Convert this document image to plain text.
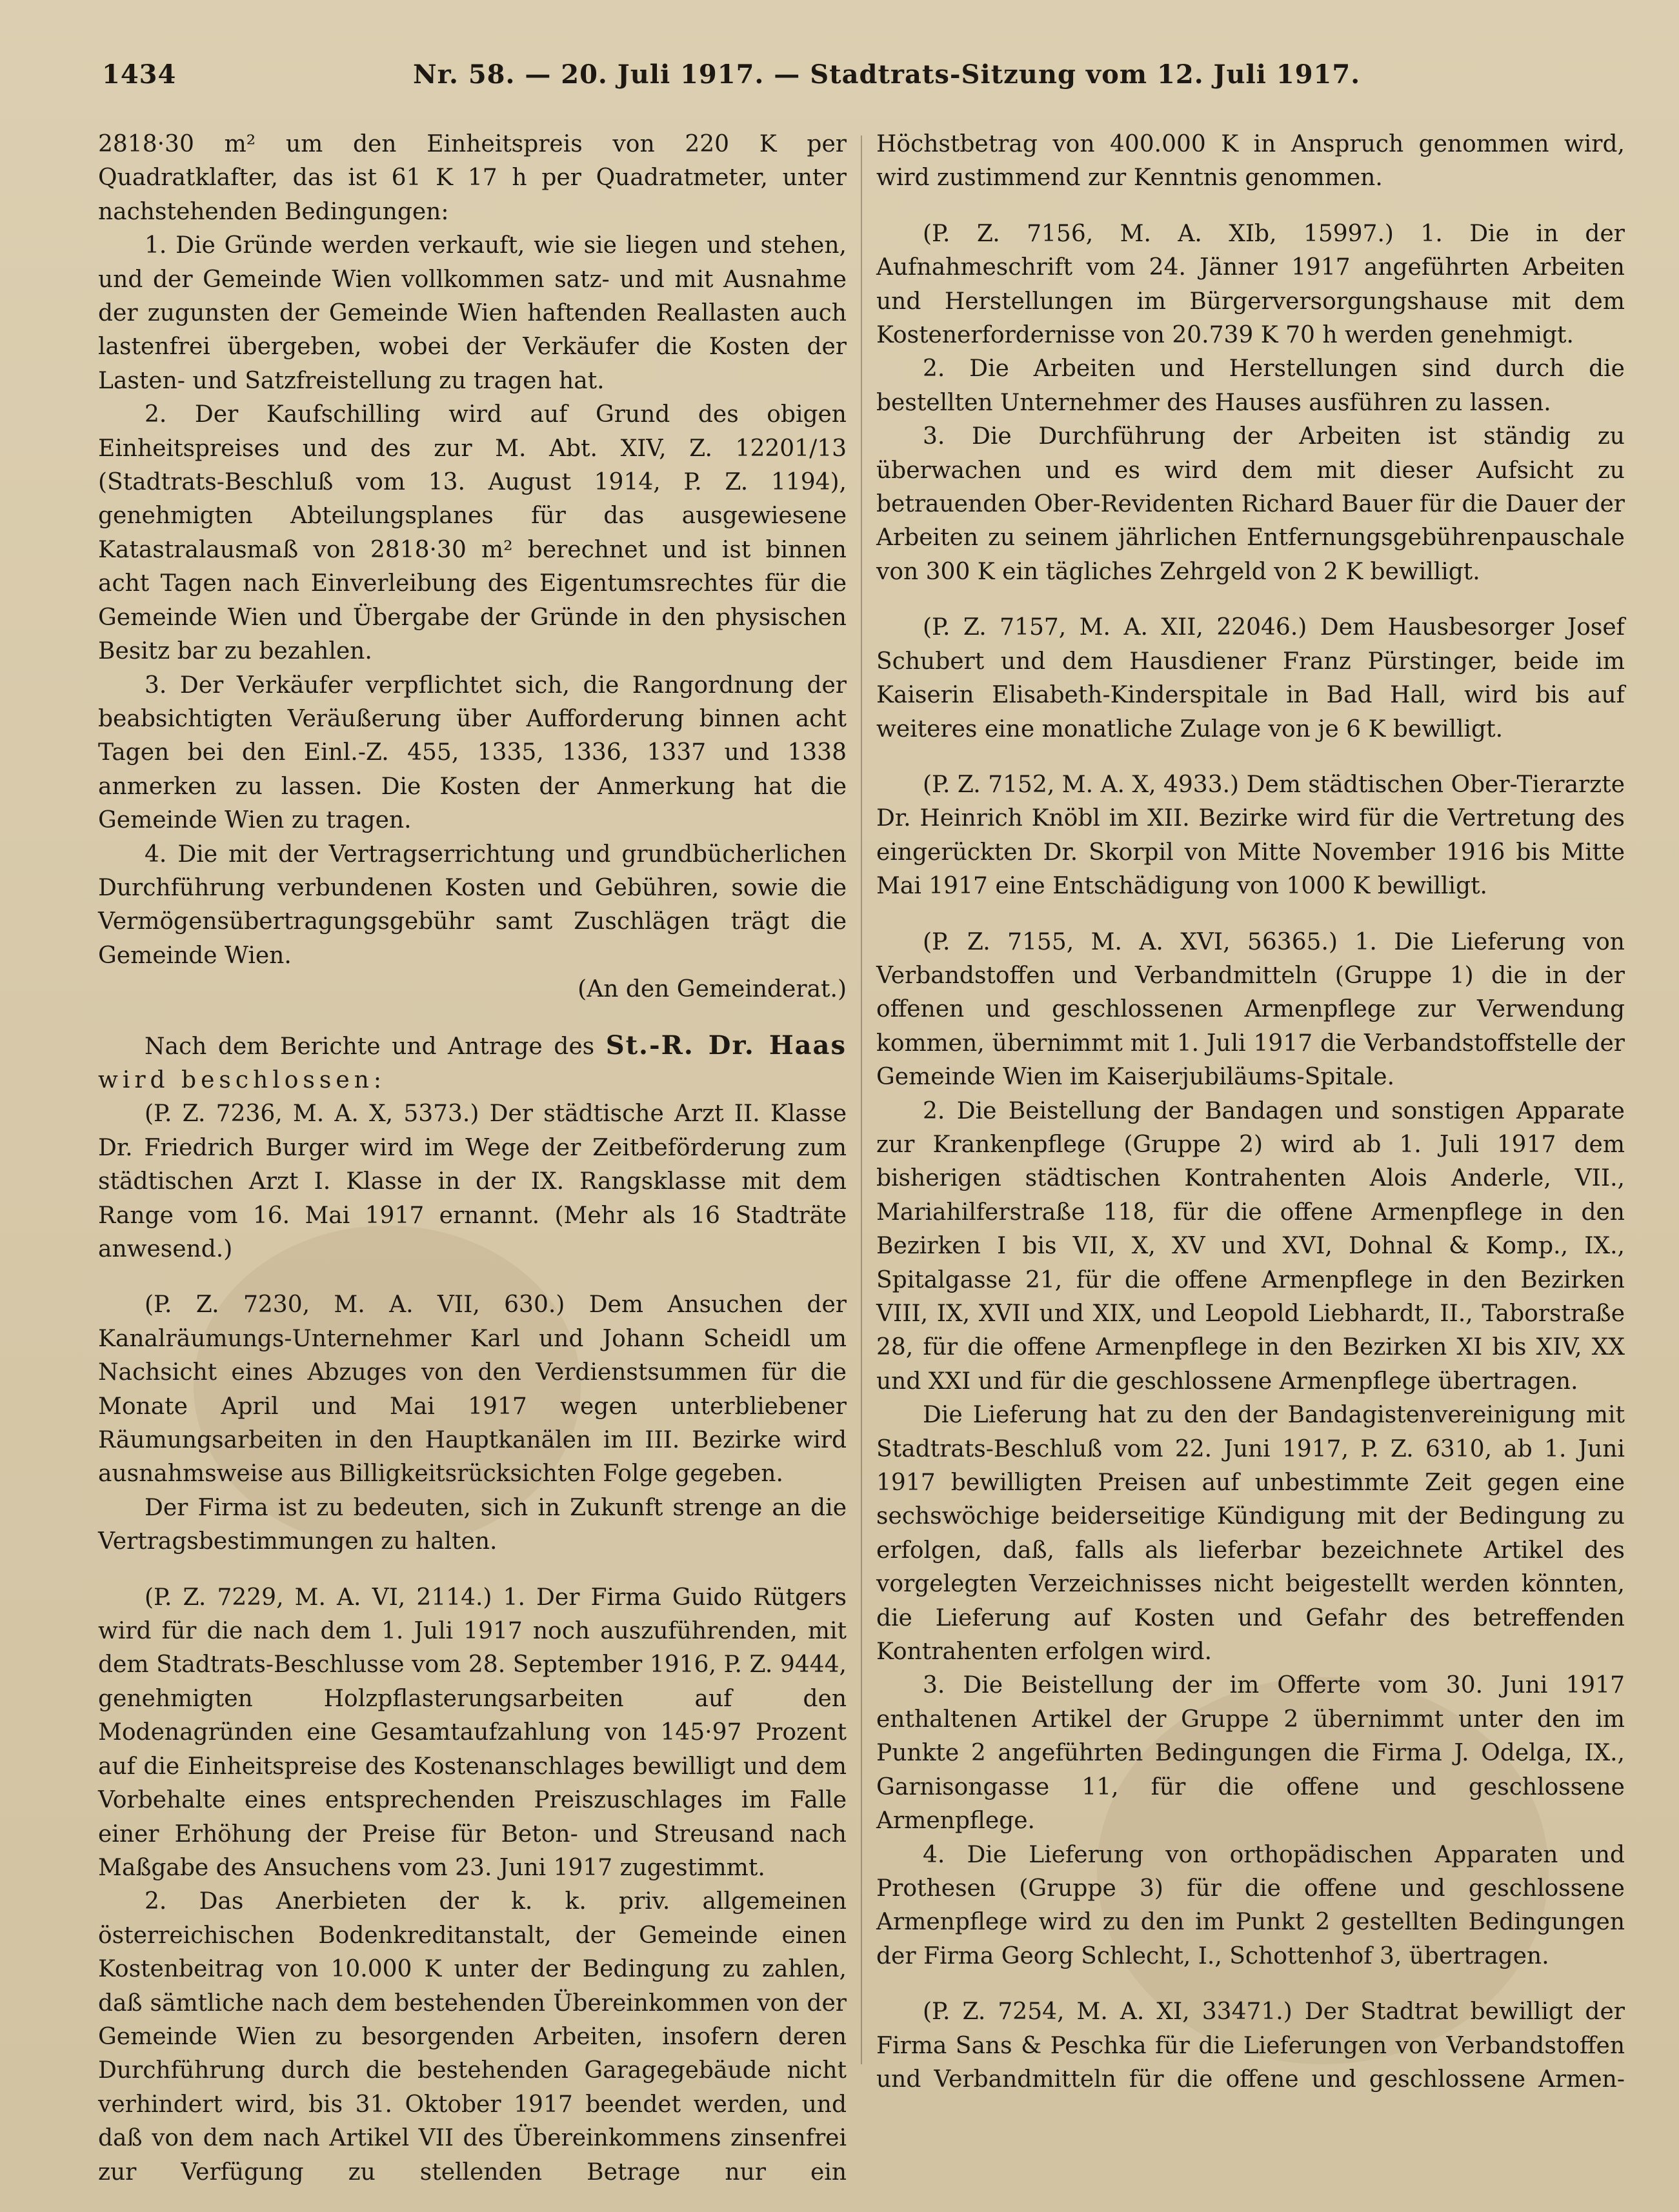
1434	Nr. 58. — 20. Juli 1917. — Stadtrats-Sitzung vom 12. Juli 1917.

2818·30 m² um den Einheitspreis von 220 K per Quadratklafter, das ist 61 K 17 h per Quadratmeter, unter nachstehenden Bedingungen:

1. Die Gründe werden verkauft, wie sie liegen und stehen, und der Gemeinde Wien vollkommen satz- und mit Ausnahme der zugunsten der Gemeinde Wien haftenden Reallasten auch lastenfrei übergeben, wobei der Verkäufer die Kosten der Lasten- und Satzfreistellung zu tragen hat.

2. Der Kaufschilling wird auf Grund des obigen Einheitspreises und des zur M. Abt. XIV, Z. 12201/13 (Stadtrats-Beschluß vom 13. August 1914, P. Z. 1194), genehmigten Abteilungsplanes für das ausgewiesene Katastralausmaß von 2818·30 m² berechnet und ist binnen acht Tagen nach Einverleibung des Eigentumsrechtes für die Gemeinde Wien und Übergabe der Gründe in den physischen Besitz bar zu bezahlen.

3. Der Verkäufer verpflichtet sich, die Rangordnung der beabsichtigten Veräußerung über Aufforderung binnen acht Tagen bei den Einl.-Z. 455, 1335, 1336, 1337 und 1338 anmerken zu lassen. Die Kosten der Anmerkung hat die Gemeinde Wien zu tragen.

4. Die mit der Vertragserrichtung und grundbücherlichen Durchführung verbundenen Kosten und Gebühren, sowie die Vermögensübertragungsgebühr samt Zuschlägen trägt die Gemeinde Wien.

(An den Gemeinderat.)

Nach dem Berichte und Antrage des St.-R. Dr. Haas wird beschlossen:

(P. Z. 7236, M. A. X, 5373.) Der städtische Arzt II. Klasse Dr. Friedrich Burger wird im Wege der Zeitbeförderung zum städtischen Arzt I. Klasse in der IX. Rangsklasse mit dem Range vom 16. Mai 1917 ernannt. (Mehr als 16 Stadträte anwesend.)

(P. Z. 7230, M. A. VII, 630.) Dem Ansuchen der Kanalräumungs-Unternehmer Karl und Johann Scheidl um Nachsicht eines Abzuges von den Verdienstsummen für die Monate April und Mai 1917 wegen unterbliebener Räumungsarbeiten in den Hauptkanälen im III. Bezirke wird ausnahmsweise aus Billigkeitsrücksichten Folge gegeben.

Der Firma ist zu bedeuten, sich in Zukunft strenge an die Vertragsbestimmungen zu halten.

(P. Z. 7229, M. A. VI, 2114.) 1. Der Firma Guido Rütgers wird für die nach dem 1. Juli 1917 noch auszuführenden, mit dem Stadtrats-Beschlusse vom 28. September 1916, P. Z. 9444, genehmigten Holzpflasterungsarbeiten auf den Modenagründen eine Gesamtaufzahlung von 145·97 Prozent auf die Einheitspreise des Kostenanschlages bewilligt und dem Vorbehalte eines entsprechenden Preiszuschlages im Falle einer Erhöhung der Preise für Beton- und Streusand nach Maßgabe des Ansuchens vom 23. Juni 1917 zugestimmt.

2. Das Anerbieten der k. k. priv. allgemeinen österreichischen Bodenkreditanstalt, der Gemeinde einen Kostenbeitrag von 10.000 K unter der Bedingung zu zahlen, daß sämtliche nach dem bestehenden Übereinkommen von der Gemeinde Wien zu besorgenden Arbeiten, insofern deren Durchführung durch die bestehenden Garagegebäude nicht verhindert wird, bis 31. Oktober 1917 beendet werden, und daß von dem nach Artikel VII des Übereinkommens zinsenfrei zur Verfügung zu stellenden Betrage nur ein

Höchstbetrag von 400.000 K in Anspruch genommen wird, wird zustimmend zur Kenntnis genommen.

(P. Z. 7156, M. A. XIb, 15997.) 1. Die in der Aufnahmeschrift vom 24. Jänner 1917 angeführten Arbeiten und Herstellungen im Bürgerversorgungshause mit dem Kostenerfordernisse von 20.739 K 70 h werden genehmigt.

2. Die Arbeiten und Herstellungen sind durch die bestellten Unternehmer des Hauses ausführen zu lassen.

3. Die Durchführung der Arbeiten ist ständig zu überwachen und es wird dem mit dieser Aufsicht zu betrauenden Ober-Revidenten Richard Bauer für die Dauer der Arbeiten zu seinem jährlichen Entfernungsgebührenpauschale von 300 K ein tägliches Zehrgeld von 2 K bewilligt.

(P. Z. 7157, M. A. XII, 22046.) Dem Hausbesorger Josef Schubert und dem Hausdiener Franz Pürstinger, beide im Kaiserin Elisabeth-Kinderspitale in Bad Hall, wird bis auf weiteres eine monatliche Zulage von je 6 K bewilligt.

(P. Z. 7152, M. A. X, 4933.) Dem städtischen Ober-Tierarzte Dr. Heinrich Knöbl im XII. Bezirke wird für die Vertretung des eingerückten Dr. Skorpil von Mitte November 1916 bis Mitte Mai 1917 eine Entschädigung von 1000 K bewilligt.

(P. Z. 7155, M. A. XVI, 56365.) 1. Die Lieferung von Verbandstoffen und Verbandmitteln (Gruppe 1) die in der offenen und geschlossenen Armenpflege zur Verwendung kommen, übernimmt mit 1. Juli 1917 die Verbandstoffstelle der Gemeinde Wien im Kaiserjubiläums-Spitale.

2. Die Beistellung der Bandagen und sonstigen Apparate zur Krankenpflege (Gruppe 2) wird ab 1. Juli 1917 dem bisherigen städtischen Kontrahenten Alois Anderle, VII., Mariahilferstraße 118, für die offene Armenpflege in den Bezirken I bis VII, X, XV und XVI, Dohnal & Komp., IX., Spitalgasse 21, für die offene Armenpflege in den Bezirken VIII, IX, XVII und XIX, und Leopold Liebhardt, II., Taborstraße 28, für die offene Armenpflege in den Bezirken XI bis XIV, XX und XXI und für die geschlossene Armenpflege übertragen.

Die Lieferung hat zu den der Bandagistenvereinigung mit Stadtrats-Beschluß vom 22. Juni 1917, P. Z. 6310, ab 1. Juni 1917 bewilligten Preisen auf unbestimmte Zeit gegen eine sechswöchige beiderseitige Kündigung mit der Bedingung zu erfolgen, daß, falls als lieferbar bezeichnete Artikel des vorgelegten Verzeichnisses nicht beigestellt werden könnten, die Lieferung auf Kosten und Gefahr des betreffenden Kontrahenten erfolgen wird.

3. Die Beistellung der im Offerte vom 30. Juni 1917 enthaltenen Artikel der Gruppe 2 übernimmt unter den im Punkte 2 angeführten Bedingungen die Firma J. Odelga, IX., Garnisongasse 11, für die offene und geschlossene Armenpflege.

4. Die Lieferung von orthopädischen Apparaten und Prothesen (Gruppe 3) für die offene und geschlossene Armenpflege wird zu den im Punkt 2 gestellten Bedingungen der Firma Georg Schlecht, I., Schottenhof 3, übertragen.

(P. Z. 7254, M. A. XI, 33471.) Der Stadtrat bewilligt der Firma Sans & Peschka für die Lieferungen von Verbandstoffen und Verbandmitteln für die offene und geschlossene Armen-
